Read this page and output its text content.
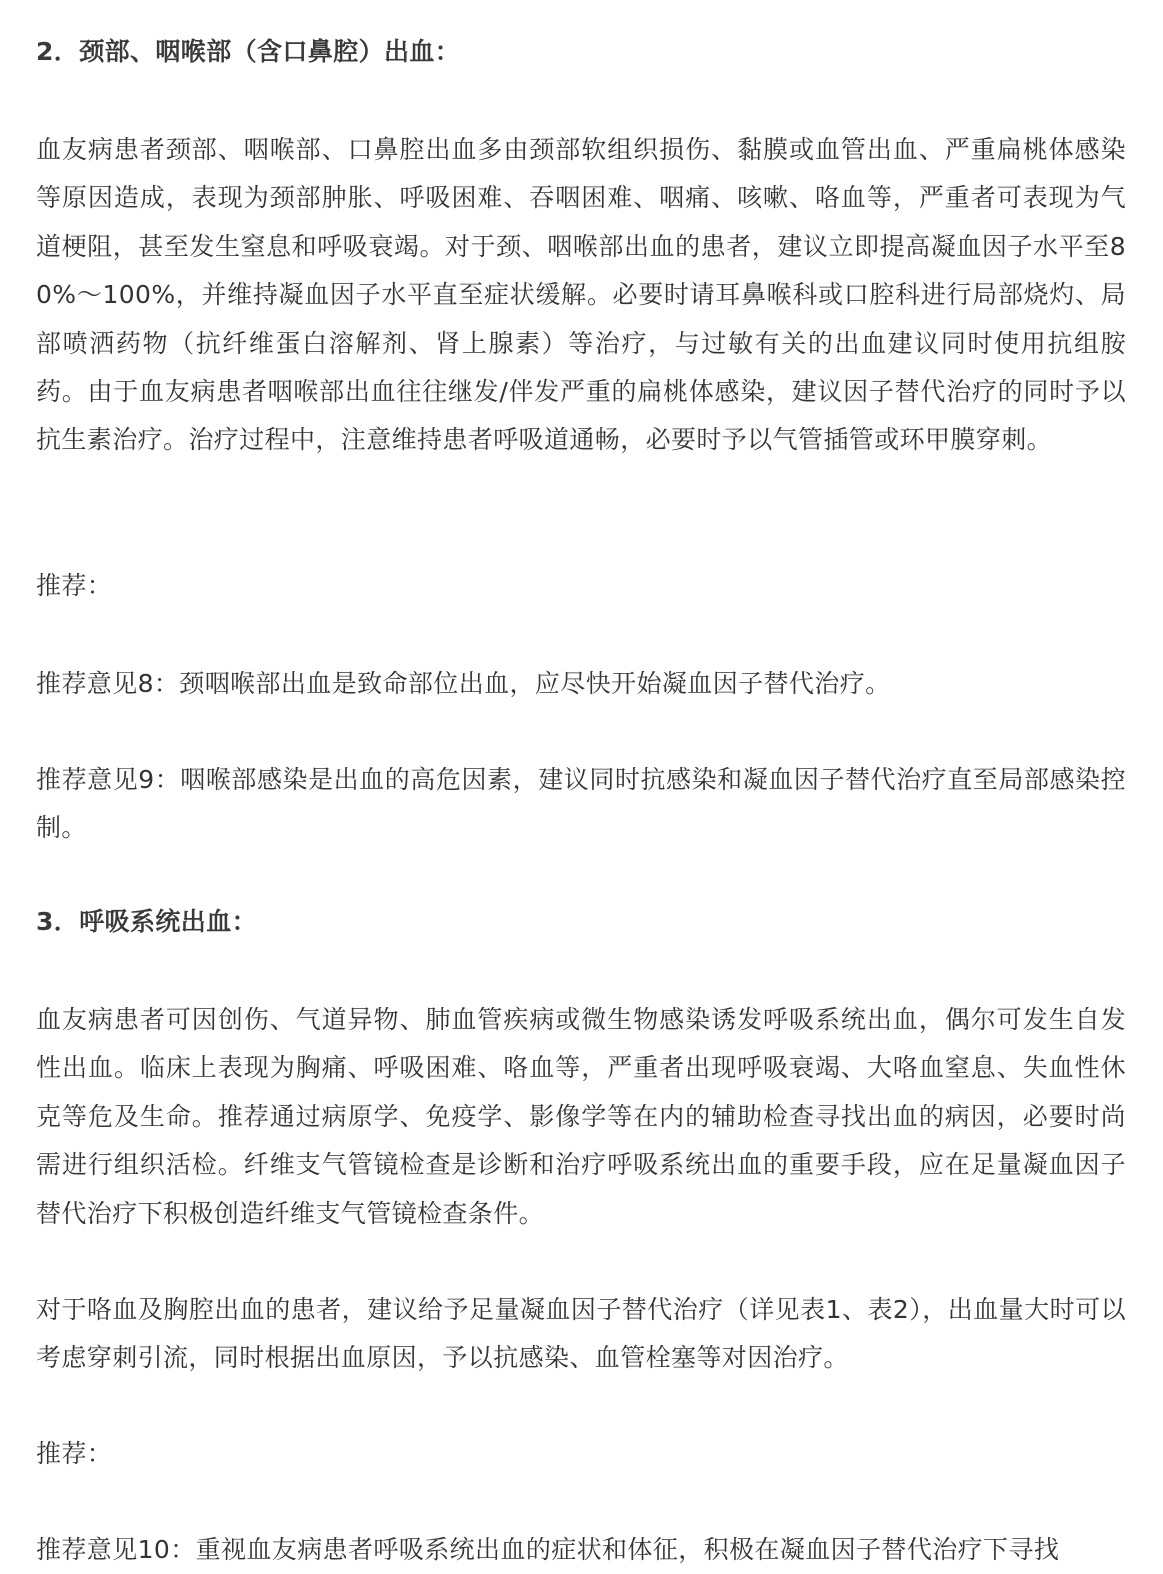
2．颈部、咽喉部（含口鼻腔）出血：

血友病患者颈部、咽喉部、口鼻腔出血多由颈部软组织损伤、黏膜或血管出血、严重扁桃体感染等原因造成，表现为颈部肿胀、呼吸困难、吞咽困难、咽痛、咳嗽、咯血等，严重者可表现为气道梗阻，甚至发生窒息和呼吸衰竭。对于颈、咽喉部出血的患者，建议立即提高凝血因子水平至80%～100%，并维持凝血因子水平直至症状缓解。必要时请耳鼻喉科或口腔科进行局部烧灼、局部喷洒药物（抗纤维蛋白溶解剂、肾上腺素）等治疗，与过敏有关的出血建议同时使用抗组胺药。由于血友病患者咽喉部出血往往继发/伴发严重的扁桃体感染，建议因子替代治疗的同时予以抗生素治疗。治疗过程中，注意维持患者呼吸道通畅，必要时予以气管插管或环甲膜穿刺。

推荐：

推荐意见8：颈咽喉部出血是致命部位出血，应尽快开始凝血因子替代治疗。

推荐意见9：咽喉部感染是出血的高危因素，建议同时抗感染和凝血因子替代治疗直至局部感染控制。

3．呼吸系统出血：

血友病患者可因创伤、气道异物、肺血管疾病或微生物感染诱发呼吸系统出血，偶尔可发生自发性出血。临床上表现为胸痛、呼吸困难、咯血等，严重者出现呼吸衰竭、大咯血窒息、失血性休克等危及生命。推荐通过病原学、免疫学、影像学等在内的辅助检查寻找出血的病因，必要时尚需进行组织活检。纤维支气管镜检查是诊断和治疗呼吸系统出血的重要手段，应在足量凝血因子替代治疗下积极创造纤维支气管镜检查条件。

对于咯血及胸腔出血的患者，建议给予足量凝血因子替代治疗（详见表1、表2），出血量大时可以考虑穿刺引流，同时根据出血原因，予以抗感染、血管栓塞等对因治疗。

推荐：

推荐意见10：重视血友病患者呼吸系统出血的症状和体征，积极在凝血因子替代治疗下寻找
